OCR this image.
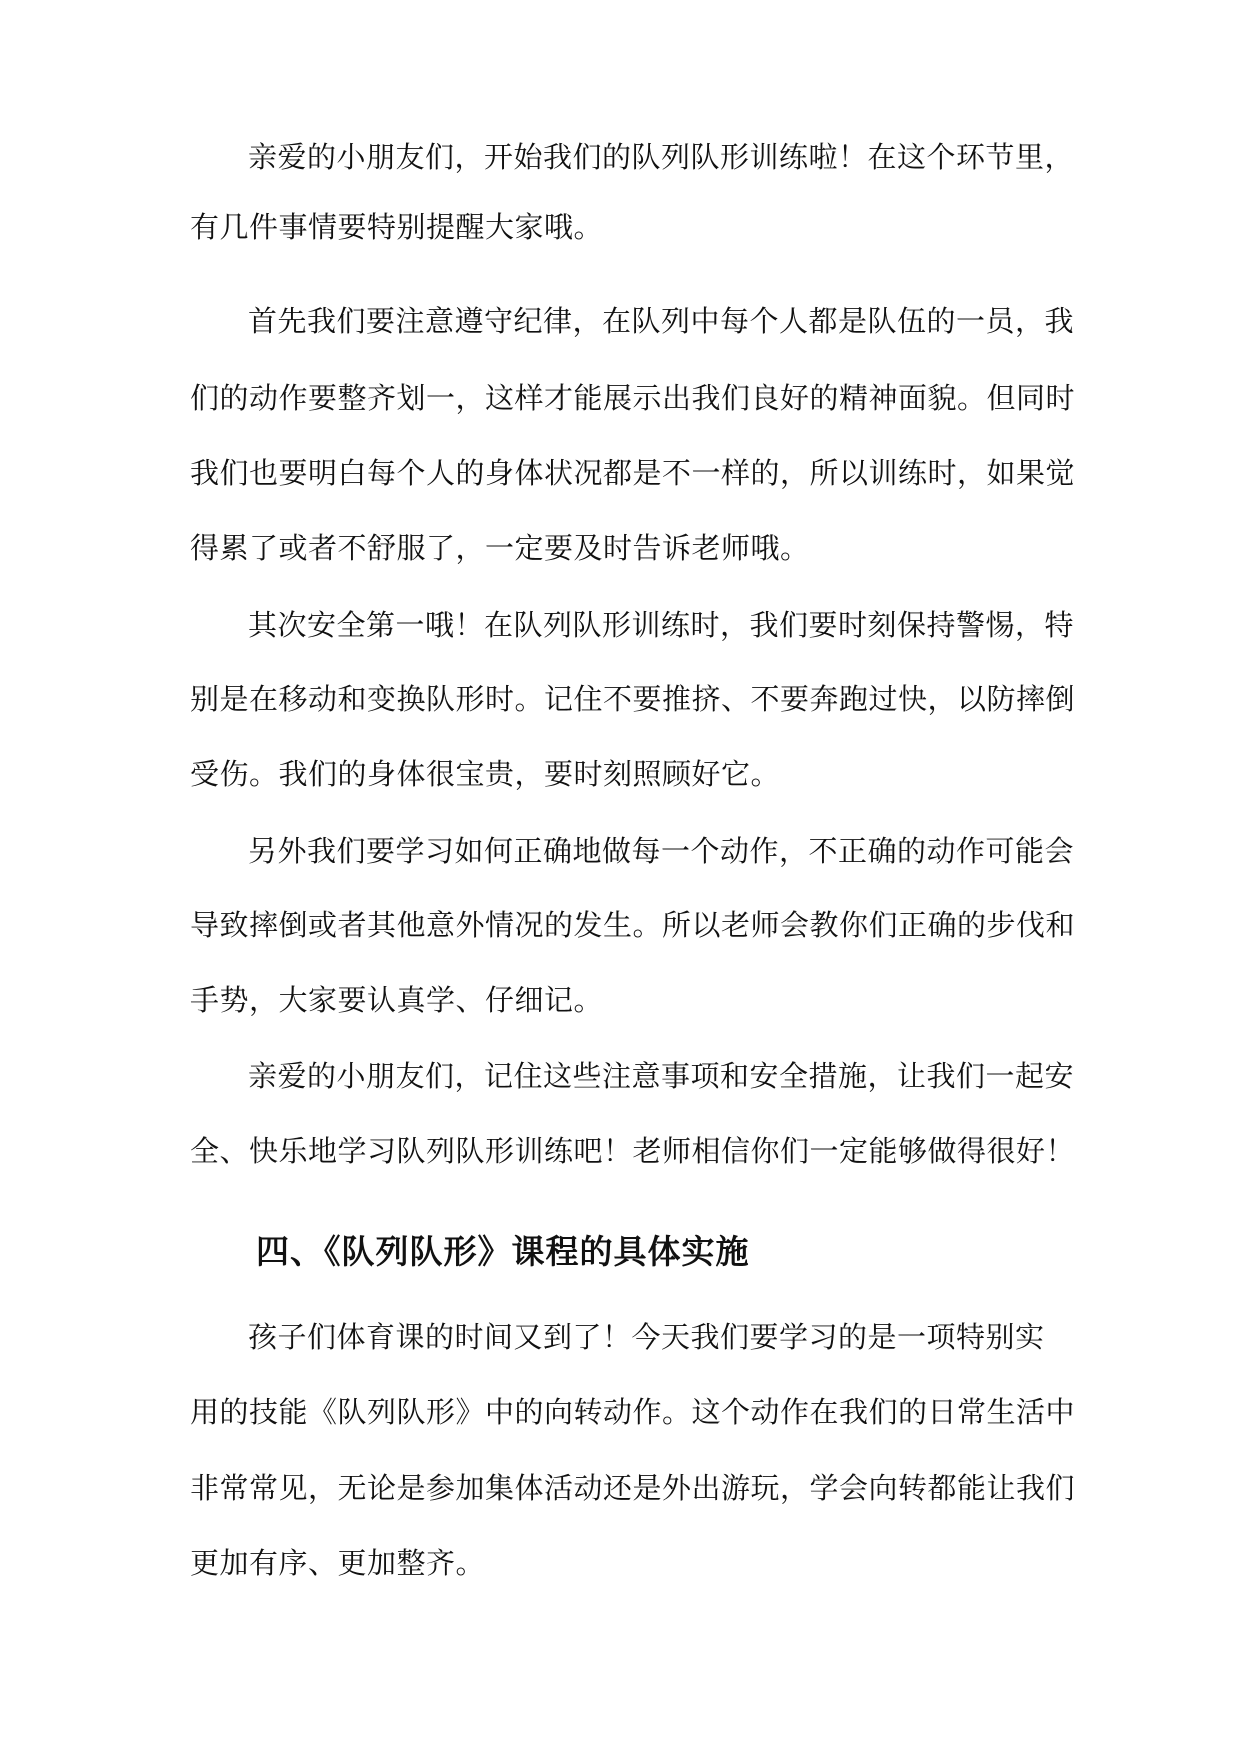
亲爱的小朋友们，开始我们的队列队形训练啦！在这个环节里，
有几件事情要特别提醒大家哦。
首先我们要注意遵守纪律，在队列中每个人都是队伍的一员，我
们的动作要整齐划一，这样才能展示出我们良好的精神面貌。但同时
我们也要明白每个人的身体状况都是不一样的，所以训练时，如果觉
得累了或者不舒服了，一定要及时告诉老师哦。
其次安全第一哦！在队列队形训练时，我们要时刻保持警惕，特
别是在移动和变换队形时。记住不要推挤、不要奔跑过快，以防摔倒
受伤。我们的身体很宝贵，要时刻照顾好它。
另外我们要学习如何正确地做每一个动作，不正确的动作可能会
导致摔倒或者其他意外情况的发生。所以老师会教你们正确的步伐和
手势，大家要认真学、仔细记。
亲爱的小朋友们，记住这些注意事项和安全措施，让我们一起安
全、快乐地学习队列队形训练吧！老师相信你们一定能够做得很好！
四、《队列队形》课程的具体实施
孩子们体育课的时间又到了！今天我们要学习的是一项特别实
用的技能《队列队形》中的向转动作。这个动作在我们的日常生活中
非常常见，无论是参加集体活动还是外出游玩，学会向转都能让我们
更加有序、更加整齐。
